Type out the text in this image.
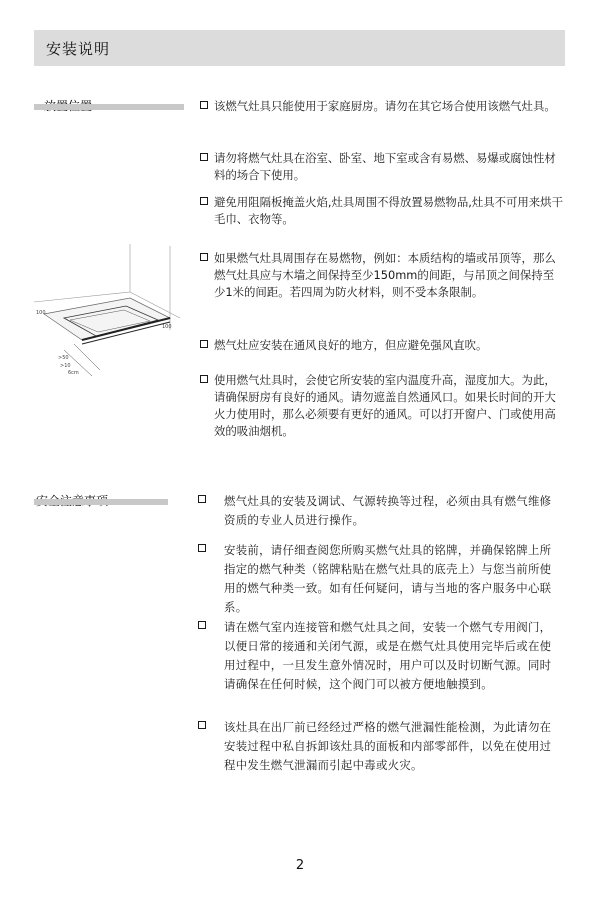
安装说明
该燃气灶具只能使用于家庭厨房。请勿在其它场合使用该燃气灶具。
请勿将燃气灶具在浴室、卧室、地下室或含有易燃、易爆或腐蚀性材料的场合下使用。
避免用阻隔板掩盖火焰,灶具周围不得放置易燃物品,灶具不可用来烘干毛巾、衣物等。
如果燃气灶具周围存在易燃物，例如：本质结构的墙或吊顶等，那么燃气灶具应与木墙之间保持至少150mm的间距，与吊顶之间保持至少1米的间距。若四周为防火材料，则不受本条限制。
燃气灶应安装在通风良好的地方，但应避免强风直吹。
使用燃气灶具时，会使它所安装的室内温度升高，湿度加大。为此，请确保厨房有良好的通风。请勿遮盖自然通风口。如果长时间的开大火力使用时，那么必须要有更好的通风。可以打开窗户、门或使用高效的吸油烟机。
100
100
>50
>10
6cm
燃气灶具的安装及调试、气源转换等过程，必须由具有燃气维修资质的专业人员进行操作。
安装前，请仔细查阅您所购买燃气灶具的铭牌，并确保铭牌上所指定的燃气种类（铭牌粘贴在燃气灶具的底壳上）与您当前所使用的燃气种类一致。如有任何疑问，请与当地的客户服务中心联系。
请在燃气室内连接管和燃气灶具之间，安装一个燃气专用阀门，以便日常的接通和关闭气源，或是在燃气灶具使用完毕后或在使用过程中，一旦发生意外情况时，用户可以及时切断气源。同时请确保在任何时候，这个阀门可以被方便地触摸到。
该灶具在出厂前已经经过严格的燃气泄漏性能检测，为此请勿在安装过程中私自拆卸该灶具的面板和内部零部件，以免在使用过程中发生燃气泄漏而引起中毒或火灾。
2
